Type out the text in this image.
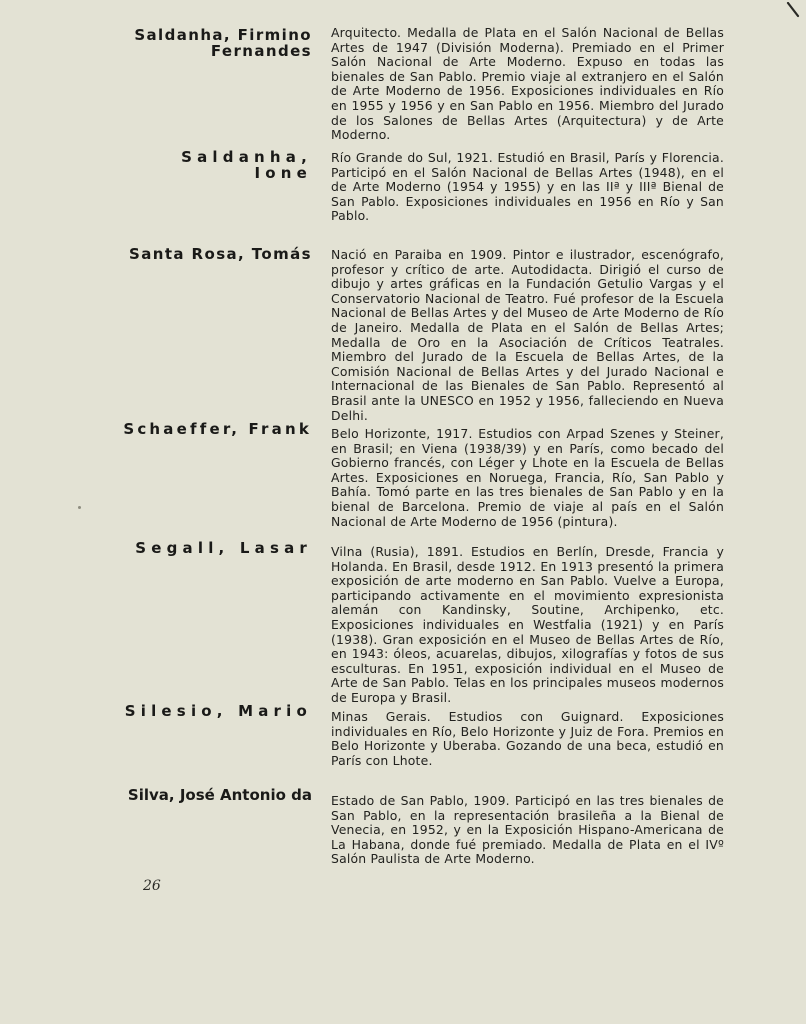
Saldanha, Firmino
Fernandes
Arquitecto. Medalla de Plata en el Salón Nacional de Bellas Artes de 1947 (División Moderna). Premiado en el Primer Salón Nacional de Arte Moderno. Expuso en todas las bienales de San Pablo. Premio viaje al extranjero en el Salón de Arte Moderno de 1956. Exposiciones individuales en Río en 1955 y 1956 y en San Pablo en 1956. Miembro del Jurado de los Salones de Bellas Artes (Arquitectura) y de Arte Moderno.
Saldanha, Ione
Río Grande do Sul, 1921. Estudió en Brasil, París y Florencia. Participó en el Salón Nacional de Bellas Artes (1948), en el de Arte Moderno (1954 y 1955) y en las IIª y IIIª Bienal de San Pablo. Exposiciones individuales en 1956 en Río y San Pablo.
Santa Rosa, Tomás Nació en Paraiba en 1909. Pintor e ilustrador, escenógrafo, profesor y crítico de arte. Autodidacta. Dirigió el curso de dibujo y artes gráficas en la Fundación Getulio Vargas y el Conservatorio Nacional de Teatro. Fué profesor de la Escuela Nacional de Bellas Artes y del Museo de Arte Moderno de Río de Janeiro. Medalla de Plata en el Salón de Bellas Artes; Medalla de Oro en la Asociación de Críticos Teatrales. Miembro del Jurado de la Escuela de Bellas Artes, de la Comisión Nacional de Bellas Artes y del Jurado Nacional e Internacional de las Bienales de San Pablo. Representó al Brasil ante la UNESCO en 1952 y 1956, falleciendo en Nueva Delhi.
Schaeffer, Frank Belo Horizonte, 1917. Estudios con Arpad Szenes y Steiner, en Brasil; en Viena (1938/39) y en París, como becado del Gobierno francés, con Léger y Lhote en la Escuela de Bellas Artes. Exposiciones en Noruega, Francia, Río, San Pablo y Bahía. Tomó parte en las tres bienales de San Pablo y en la bienal de Barcelona. Premio de viaje al país en el Salón Nacional de Arte Moderno de 1956 (pintura).
Segall, Lasar Vilna (Rusia), 1891. Estudios en Berlín, Dresde, Francia y Holanda. En Brasil, desde 1912. En 1913 presentó la primera exposición de arte moderno en San Pablo. Vuelve a Europa, participando activamente en el movimiento expresionista alemán con Kandinsky, Soutine, Archipenko, etc. Exposiciones individuales en Westfalia (1921) y en París (1938). Gran exposición en el Museo de Bellas Artes de Río, en 1943: óleos, acuarelas, dibujos, xilografías y fotos de sus esculturas. En 1951, exposición individual en el Museo de Arte de San Pablo. Telas en los principales museos modernos de Europa y Brasil.
Silesio, Mario Minas Gerais. Estudios con Guignard. Exposiciones individuales en Río, Belo Horizonte y Juiz de Fora. Premios en Belo Horizonte y Uberaba. Gozando de una beca, estudió en París con Lhote.
Silva, José Antonio da Estado de San Pablo, 1909. Participó en las tres bienales de San Pablo, en la representación brasileña a la Bienal de Venecia, en 1952, y en la Exposición Hispano-Americana de La Habana, donde fué premiado. Medalla de Plata en el IVº Salón Paulista de Arte Moderno.
26
